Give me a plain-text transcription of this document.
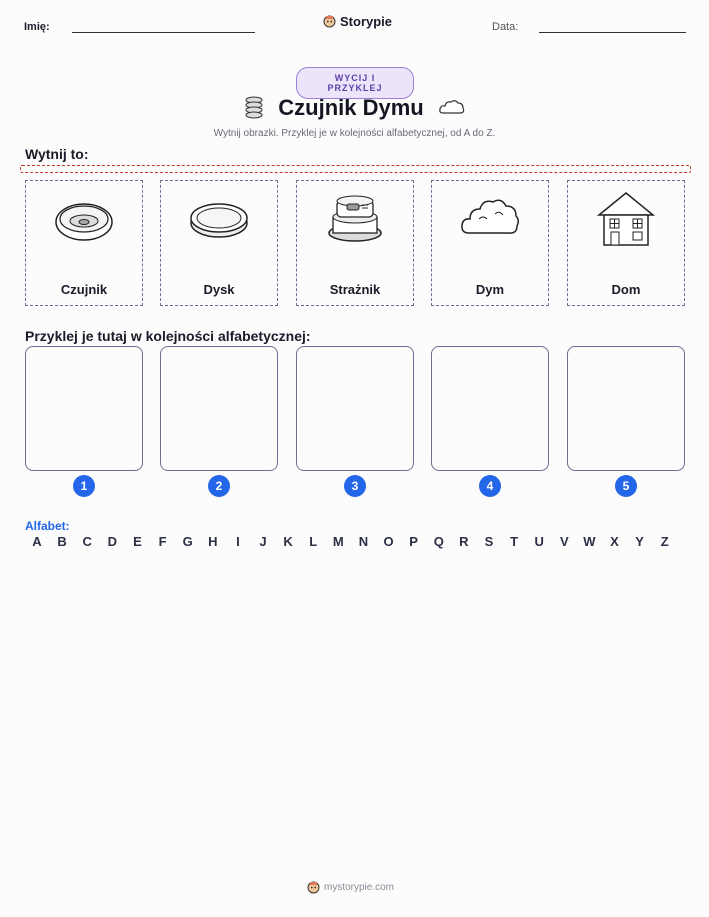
Imię:	Storypie	Data:
WYCIJ I PRZYKLEJ
Czujnik Dymu
Wytnij obrazki. Przyklej je w kolejności alfabetycznej, od A do Z.
Wytnij to:
Czujnik	Dysk	Strażnik	Dym	Dom
Przyklej je tutaj w kolejności alfabetycznej:
1	2	3	4	5
Alfabet:
A	B	C	D	E	F	G	H	I	J	K	L	M	N	O	P	Q	R	S	T	U	V	W	X	Y	Z
mystorypie.com
